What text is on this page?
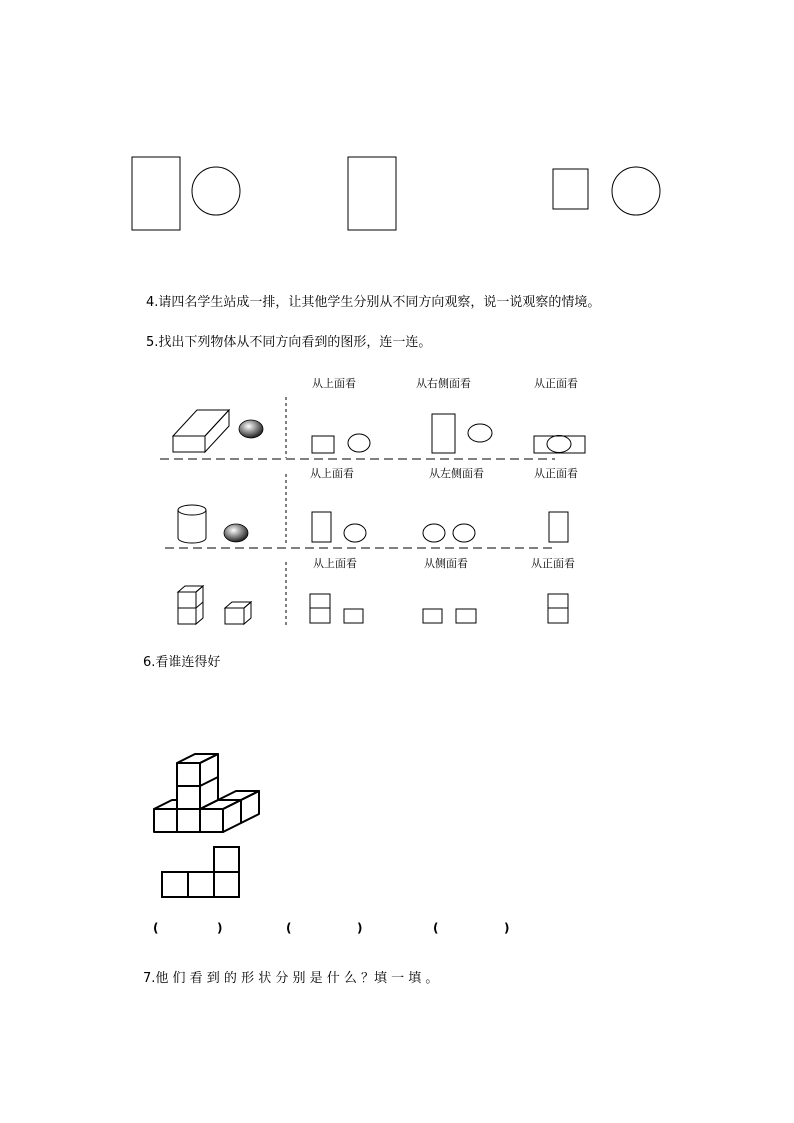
4.请四名学生站成一排，让其他学生分别从不同方向观察，说一说观察的情境。
5.找出下列物体从不同方向看到的图形，连一连。
从上面看	从右侧面看	从正面看
从上面看	从左侧面看	从正面看
从上面看	从侧面看	从正面看
6.看谁连得好
(	)	(	)	(	)
7.他 们 看 到 的 形 状 分 别 是 什 么 ？填 一 填 。
